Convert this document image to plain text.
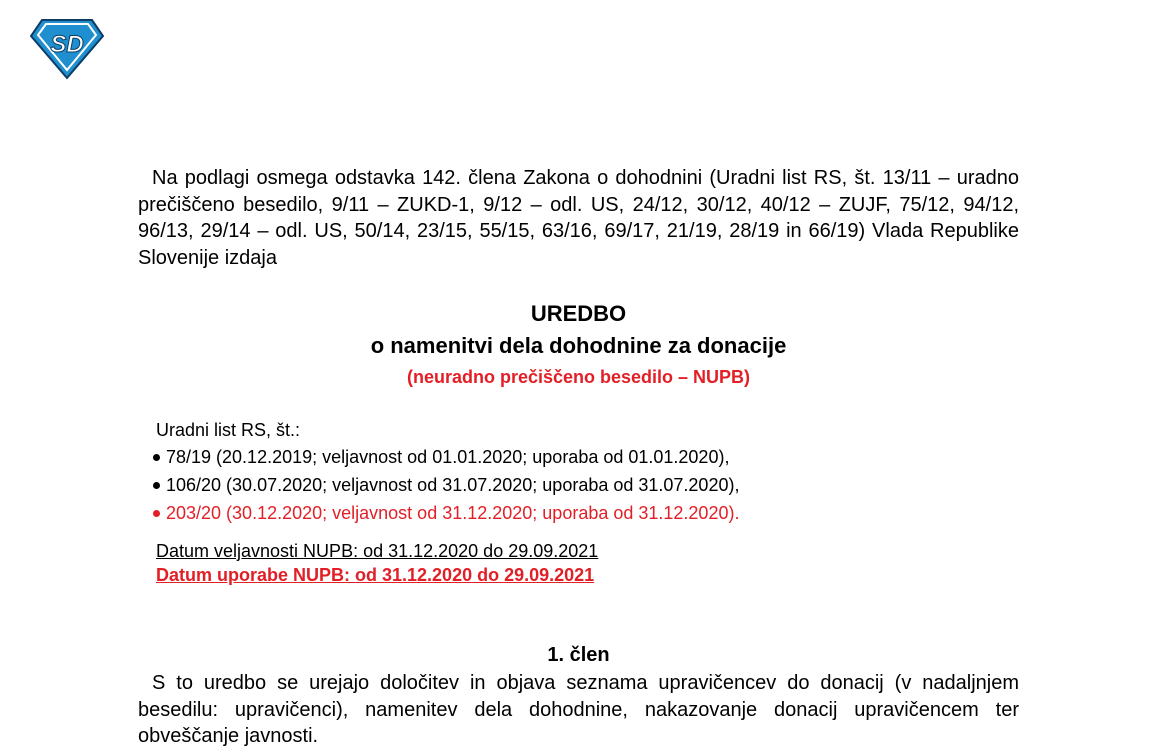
SD

Na podlagi osmega odstavka 142. člena Zakona o dohodnini (Uradni list RS, št. 13/11 – uradno prečiščeno besedilo, 9/11 – ZUKD-1, 9/12 – odl. US, 24/12, 30/12, 40/12 – ZUJF, 75/12, 94/12, 96/13, 29/14 – odl. US, 50/14, 23/15, 55/15, 63/16, 69/17, 21/19, 28/19 in 66/19) Vlada Republike Slovenije izdaja

UREDBO
o namenitvi dela dohodnine za donacije
(neuradno prečiščeno besedilo – NUPB)
Uradni list RS, št.:
78/19 (20.12.2019; veljavnost od 01.01.2020; uporaba od 01.01.2020),
106/20 (30.07.2020; veljavnost od 31.07.2020; uporaba od 31.07.2020),
203/20 (30.12.2020; veljavnost od 31.12.2020; uporaba od 31.12.2020).
Datum veljavnosti NUPB: od 31.12.2020 do 29.09.2021
Datum uporabe NUPB: od 31.12.2020 do 29.09.2021
1. člen

S to uredbo se urejajo določitev in objava seznama upravičencev do donacij (v nadaljnjem besedilu: upravičenci), namenitev dela dohodnine, nakazovanje donacij upravičencem ter obveščanje javnosti.
